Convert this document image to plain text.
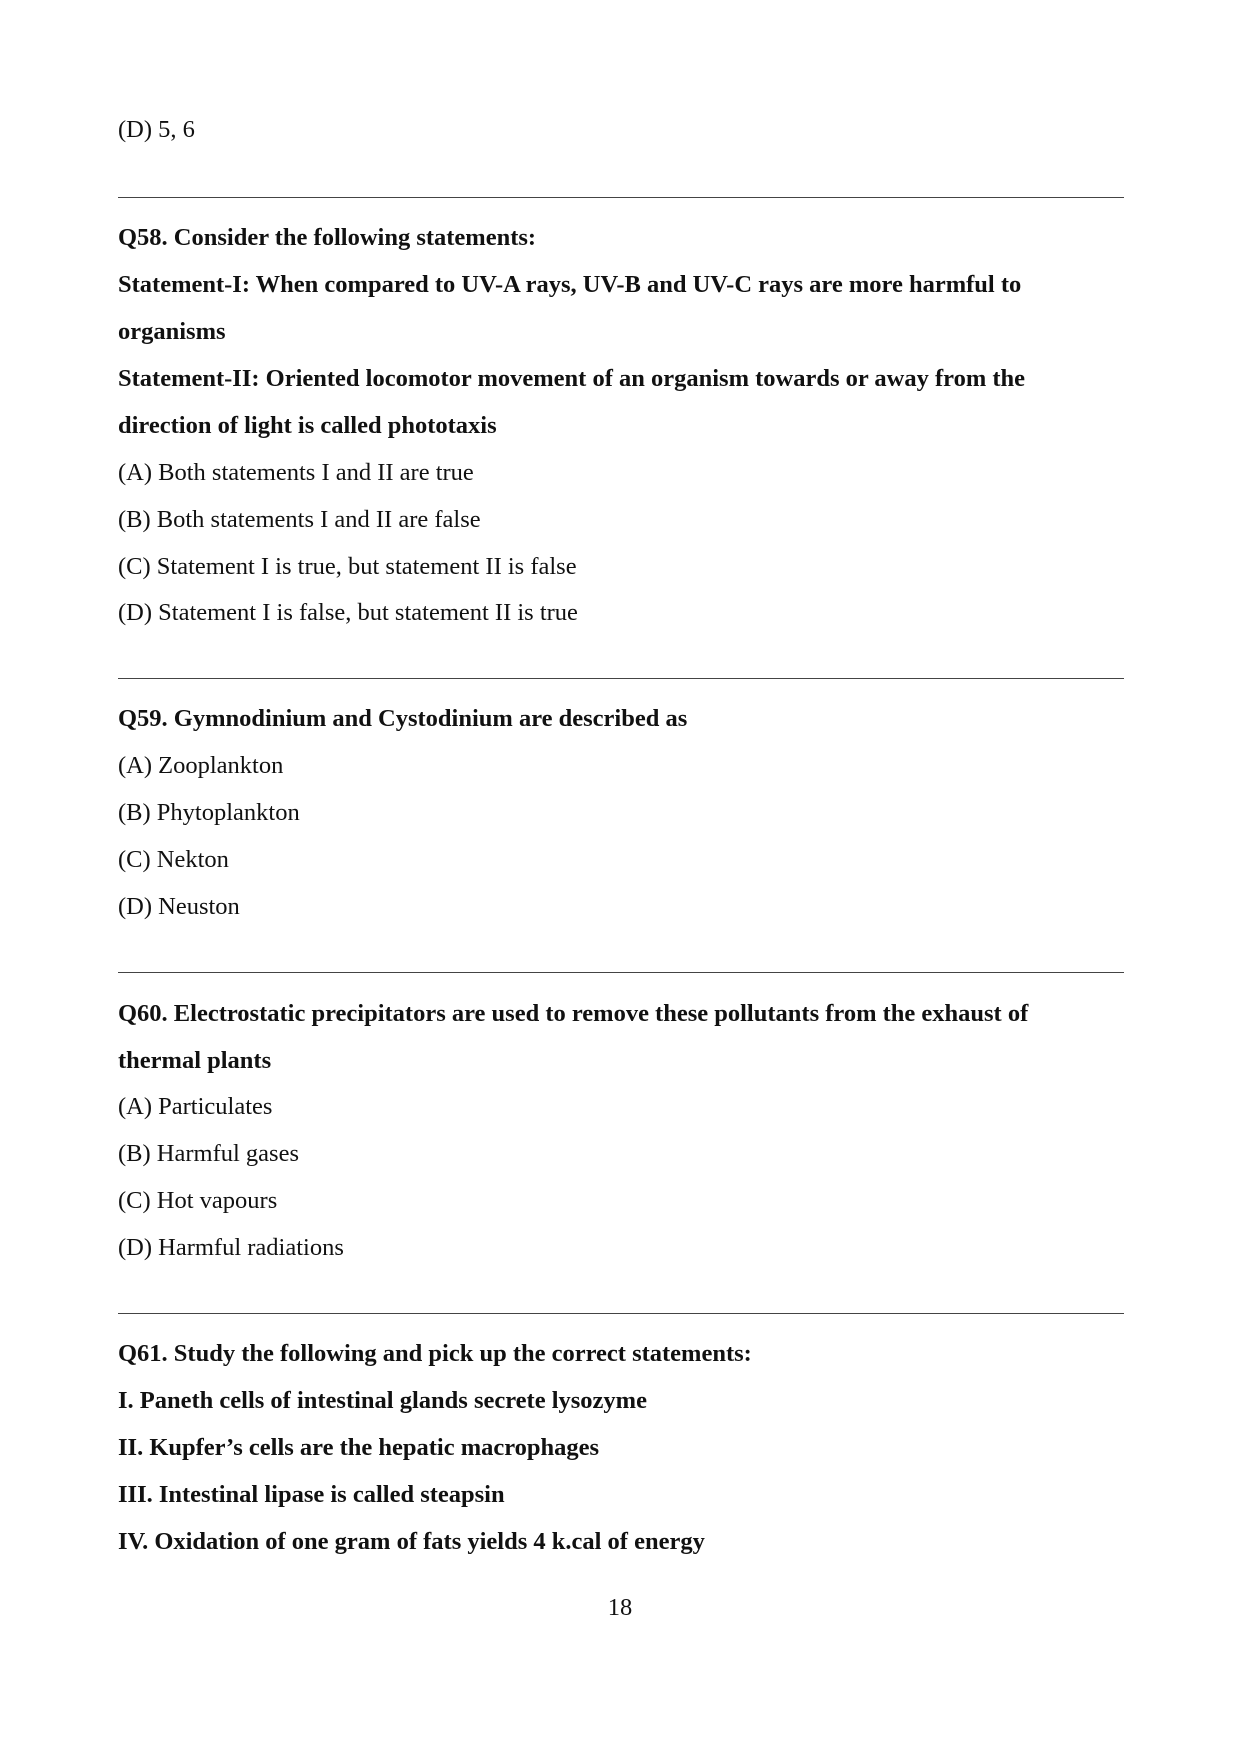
(D) 5, 6
Q58. Consider the following statements:
Statement-I: When compared to UV-A rays, UV-B and UV-C rays are more harmful to
organisms
Statement-II: Oriented locomotor movement of an organism towards or away from the
direction of light is called phototaxis
(A) Both statements I and II are true
(B) Both statements I and II are false
(C) Statement I is true, but statement II is false
(D) Statement I is false, but statement II is true
Q59. Gymnodinium and Cystodinium are described as
(A) Zooplankton
(B) Phytoplankton
(C) Nekton
(D) Neuston
Q60. Electrostatic precipitators are used to remove these pollutants from the exhaust of
thermal plants
(A) Particulates
(B) Harmful gases
(C) Hot vapours
(D) Harmful radiations
Q61. Study the following and pick up the correct statements:
I. Paneth cells of intestinal glands secrete lysozyme
II. Kupfer’s cells are the hepatic macrophages
III. Intestinal lipase is called steapsin
IV. Oxidation of one gram of fats yields 4 k.cal of energy
18
